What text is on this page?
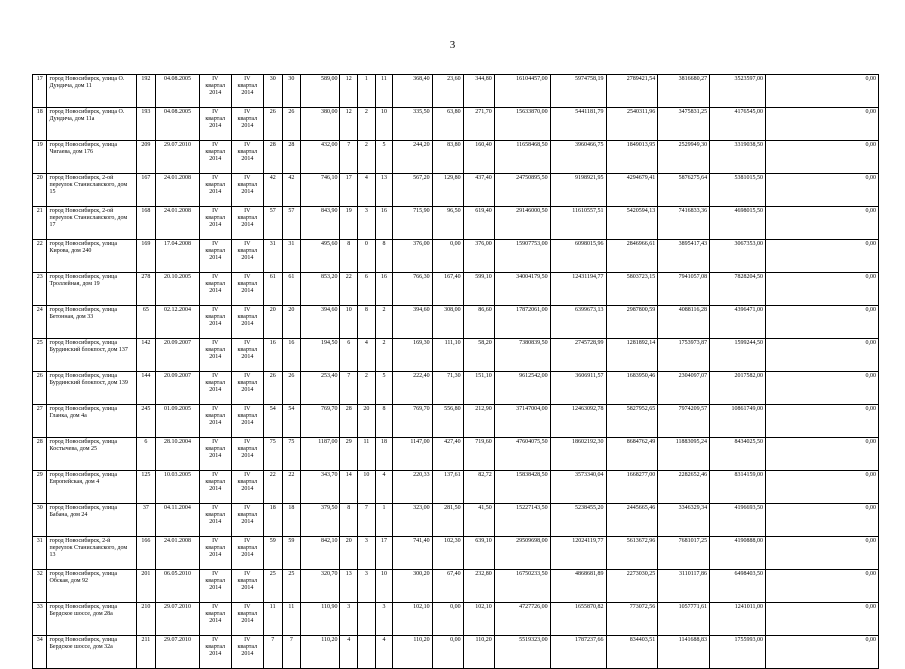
3
17	город Новосибирск, улица О. Дундича, дом 11	192	04.08.2005	IV квартал 2014	IV квартал 2014	30	30	589,00	12	1	11	368,40	23,60	344,80	16104457,00	5974758,19	2789421,54	3816680,27	3523597,00	0,00
18	город Новосибирск, улица О. Дундича, дом 11а	193	04.08.2005	IV квартал 2014	IV квартал 2014	26	26	380,00	12	2	10	335,50	63,80	271,70	15633870,00	5441181,79	2540311,96	3475831,25	4176545,00	0,00
19	город Новосибирск, улица Чигаева, дом 176	209	29.07.2010	IV квартал 2014	IV квартал 2014	28	28	432,00	7	2	5	244,20	83,80	160,40	11658468,50	3960466,75	1849013,95	2529949,30	3319038,50	0,00
20	город Новосибирск, 2-ой переулок Станиславского, дом 15	167	24.01.2008	IV квартал 2014	IV квартал 2014	42	42	746,10	17	4	13	567,20	129,80	437,40	24750895,50	9198921,95	4294679,41	5876275,64	5381015,50	0,00
21	город Новосибирск, 2-ой переулок Станиславского, дом 17	168	24.01.2008	IV квартал 2014	IV квартал 2014	57	57	843,90	19	3	16	715,90	96,50	619,40	29146000,50	11610557,51	5420594,13	7416833,36	4698015,50	0,00
22	город Новосибирск, улица Кирова, дом 240	169	17.04.2008	IV квартал 2014	IV квартал 2014	31	31	495,60	8	0	8	376,00	0,00	376,00	15907753,00	6098015,96	2846966,61	3895417,43	3067353,00	0,00
23	город Новосибирск, улица Троллейная, дом 19	278	20.10.2005	IV квартал 2014	IV квартал 2014	61	61	853,20	22	6	16	766,30	167,40	599,10	34004179,50	12431194,77	5803723,15	7941057,08	7828204,50	0,00
24	город Новосибирск, улица Бетонная, дом 33	65	02.12.2004	IV квартал 2014	IV квартал 2014	20	20	394,60	10	8	2	394,60	308,00	86,60	17872061,00	6399673,13	2987800,59	4088116,28	4396471,00	0,00
25	город Новосибирск, улица Бурдинский блокпост, дом 137	142	20.09.2007	IV квартал 2014	IV квартал 2014	16	16	194,50	6	4	2	169,30	111,10	58,20	7380839,50	2745728,99	1281892,14	1753973,87	1599244,50	0,00
26	город Новосибирск, улица Бурдинский блокпост, дом 139	144	20.09.2007	IV квартал 2014	IV квартал 2014	26	26	253,40	7	2	5	222,40	71,30	151,10	9612542,00	3606911,57	1683950,46	2304097,07	2017582,00	0,00
27	город Новосибирск, улица Гланка, дом 4а	245	01.09.2005	IV квартал 2014	IV квартал 2014	54	54	769,70	28	20	8	769,70	556,80	212,90	37147004,00	12463092,78	5827952,65	7974209,57	10861749,00	0,00
28	город Новосибирск, улица Костычева, дом 25	6	28.10.2004	IV квартал 2014	IV квартал 2014	75	75	1187,00	29	11	18	1147,00	427,40	719,60	47604075,50	18602192,30	8684762,49	11883095,24	8434025,50	0,00
29	город Новосибирск, улица Европейская, дом 4	125	10.03.2005	IV квартал 2014	IV квартал 2014	22	22	343,70	14	10	4	220,33	137,61	82,72	15838428,50	3573340,04	1668277,00	2282652,46	8314159,00	0,00
30	город Новосибирск, улица Бабана, дом 24	37	04.11.2004	IV квартал 2014	IV квартал 2014	18	18	379,50	8	7	1	323,00	281,50	41,50	15227143,50	5238455,20	2445665,46	3346329,34	4196693,50	0,00
31	город Новосибирск, 2-й переулок Станиславского, дом 13	166	24.01.2008	IV квартал 2014	IV квартал 2014	59	59	842,10	20	3	17	741,40	102,30	639,10	29509698,00	12024119,77	5613672,96	7681017,25	4190888,00	0,00
32	город Новосибирск, улица Обская, дом 92	201	06.05.2010	IV квартал 2014	IV квартал 2014	25	25	320,70	13	3	10	300,20	67,40	232,80	16750233,50	4868681,89	2273030,25	3110117,86	6498403,50	0,00
33	город Новосибирск, улица Бердское шоссе, дом 28а	210	29.07.2010	IV квартал 2014	IV квартал 2014	11	11	110,90	3		3	102,10	0,00	102,10	4727726,00	1655870,82	773072,56	1057771,61	1241011,00	0,00
34	город Новосибирск, улица Бердское шоссе, дом 32а	211	29.07.2010	IV квартал 2014	IV квартал 2014	7	7	110,20	4		4	110,20	0,00	110,20	5519323,00	1787237,66	834403,51	1141688,83	1755993,00	0,00
